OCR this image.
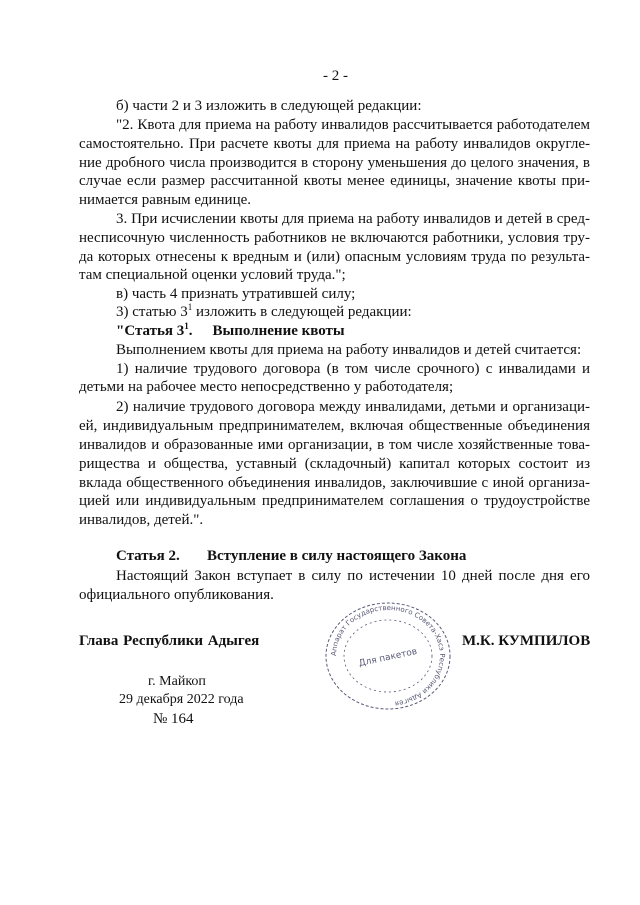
- 2 -
б) части 2 и 3 изложить в следующей редакции:
"2. Квота для приема на работу инвалидов рассчитывается работодателем
самостоятельно. При расчете квоты для приема на работу инвалидов округле-
ние дробного числа производится в сторону уменьшения до целого значения, в
случае если размер рассчитанной квоты менее единицы, значение квоты при-
нимается равным единице.
3. При исчислении квоты для приема на работу инвалидов и детей в сред-
несписочную численность работников не включаются работники, условия тру-
да которых отнесены к вредным и (или) опасным условиям труда по результа-
там специальной оценки условий труда.";
в) часть 4 признать утратившей силу;
3) статью $3^1$ изложить в следующей редакции:
"Статья $3^1$. Выполнение квоты
Выполнением квоты для приема на работу инвалидов и детей считается:
1) наличие трудового договора (в том числе срочного) с инвалидами и
детьми на рабочее место непосредственно у работодателя;
2) наличие трудового договора между инвалидами, детьми и организаци-
ей, индивидуальным предпринимателем, включая общественные объединения
инвалидов и образованные ими организации, в том числе хозяйственные това-
рищества и общества, уставный (складочный) капитал которых состоит из
вклада общественного объединения инвалидов, заключившие с иной организа-
цией или индивидуальным предпринимателем соглашения о трудоустройстве
инвалидов, детей.".
Статья 2. Вступление в силу настоящего Закона
Настоящий Закон вступает в силу по истечении 10 дней после дня его
официального опубликования.
Глава Республики Адыгея	М.К. КУМПИЛОВ
г. Майкоп
29 декабря 2022 года
№ 164
Аппарат Государственного Совета-Хасэ Республики Адыгея
Для пакетов
